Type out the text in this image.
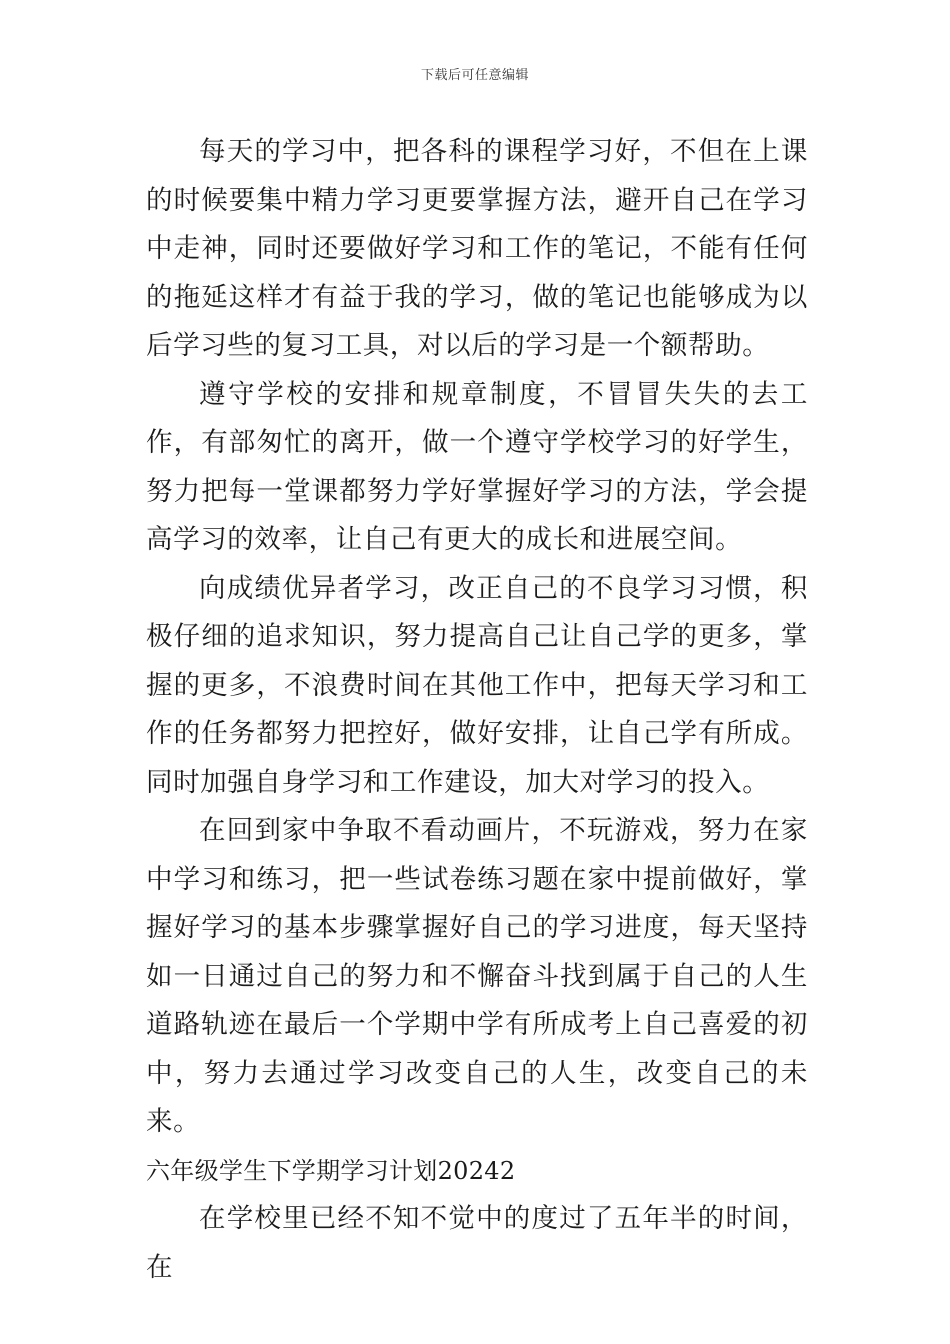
下载后可任意编辑

每天的学习中，把各科的课程学习好，不但在上课的时候要集中精力学习更要掌握方法，避开自己在学习中走神，同时还要做好学习和工作的笔记，不能有任何的拖延这样才有益于我的学习，做的笔记也能够成为以后学习些的复习工具，对以后的学习是一个额帮助。

遵守学校的安排和规章制度，不冒冒失失的去工作，有部匆忙的离开，做一个遵守学校学习的好学生，努力把每一堂课都努力学好掌握好学习的方法，学会提高学习的效率，让自己有更大的成长和进展空间。

向成绩优异者学习，改正自己的不良学习习惯，积极仔细的追求知识，努力提高自己让自己学的更多，掌握的更多，不浪费时间在其他工作中，把每天学习和工作的任务都努力把控好，做好安排，让自己学有所成。同时加强自身学习和工作建设，加大对学习的投入。

在回到家中争取不看动画片，不玩游戏，努力在家中学习和练习，把一些试卷练习题在家中提前做好，掌握好学习的基本步骤掌握好自己的学习进度，每天坚持如一日通过自己的努力和不懈奋斗找到属于自己的人生道路轨迹在最后一个学期中学有所成考上自己喜爱的初中，努力去通过学习改变自己的人生，改变自己的未来。

六年级学生下学期学习计划20242

在学校里已经不知不觉中的度过了五年半的时间，在
